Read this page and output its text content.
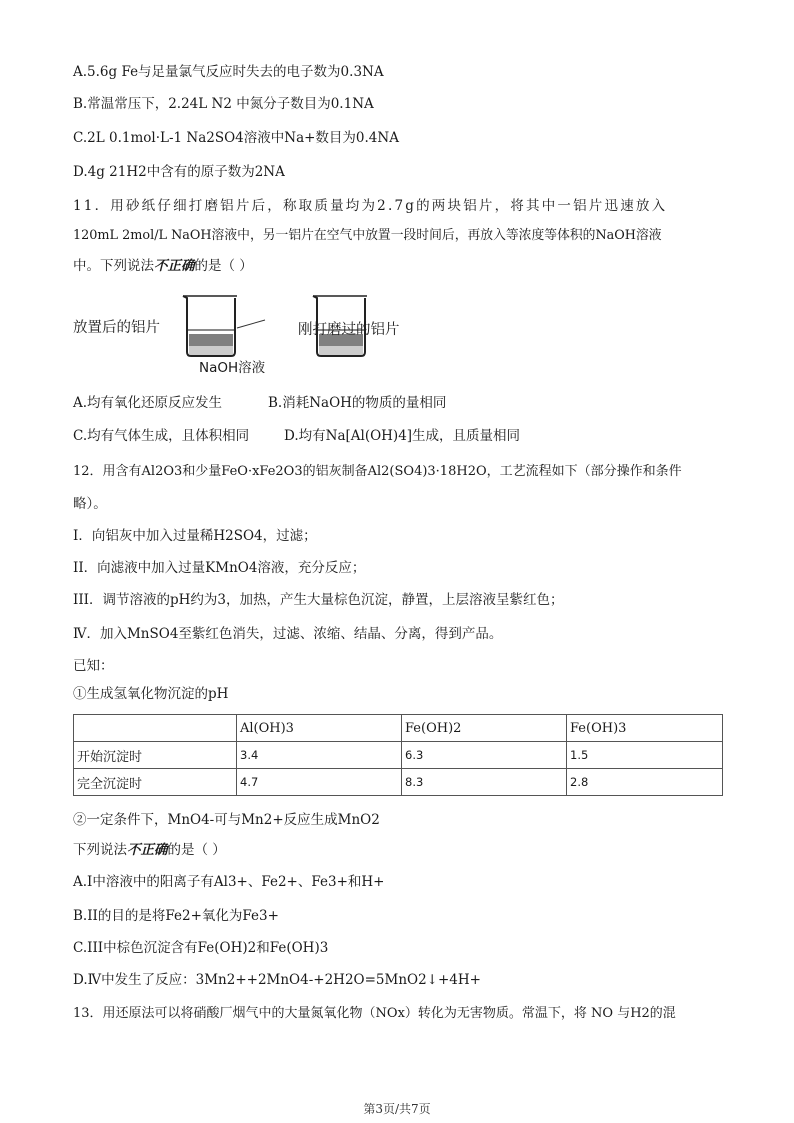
A.5.6g Fe与足量氯气反应时失去的电子数为0.3NA
B.常温常压下，2.24L N2 中氮分子数目为0.1NA
C.2L 0.1mol·L-1 Na2SO4溶液中Na+数目为0.4NA
D.4g 21H2中含有的原子数为2NA
11．用砂纸仔细打磨铝片后，称取质量均为2.7g的两块铝片，将其中一铝片迅速放入
120mL 2mol/L NaOH溶液中，另一铝片在空气中放置一段时间后，再放入等浓度等体积的NaOH溶液
中。下列说法不正确的是（ ）
放置后的铝片	刚打磨过的铝片
NaOH溶液
A.均有氧化还原反应发生	B.消耗NaOH的物质的量相同
C.均有气体生成，且体积相同	D.均有Na[Al(OH)4]生成，且质量相同
12．用含有Al2O3和少量FeO·xFe2O3的铝灰制备Al2(SO4)3·18H2O，工艺流程如下（部分操作和条件
略）。
Ⅰ．向铝灰中加入过量稀H2SO4，过滤；
II．向滤液中加入过量KMnO4溶液，充分反应；
III．调节溶液的pH约为3，加热，产生大量棕色沉淀，静置，上层溶液呈紫红色；
Ⅳ．加入MnSO4至紫红色消失，过滤、浓缩、结晶、分离，得到产品。
已知：
①生成氢氧化物沉淀的pH
	Al(OH)3	Fe(OH)2	Fe(OH)3
开始沉淀时	3.4	6.3	1.5
完全沉淀时	4.7	8.3	2.8
②一定条件下，MnO4-可与Mn2+反应生成MnO2
下列说法不正确的是（ ）
A.I中溶液中的阳离子有Al3+、Fe2+、Fe3+和H+
B.II的目的是将Fe2+氧化为Fe3+
C.III中棕色沉淀含有Fe(OH)2和Fe(OH)3
D.Ⅳ中发生了反应：3Mn2++2MnO4-+2H2O=5MnO2↓+4H+
13．用还原法可以将硝酸厂烟气中的大量氮氧化物（NOx）转化为无害物质。常温下，将 NO 与H2的混
第3页/共7页
